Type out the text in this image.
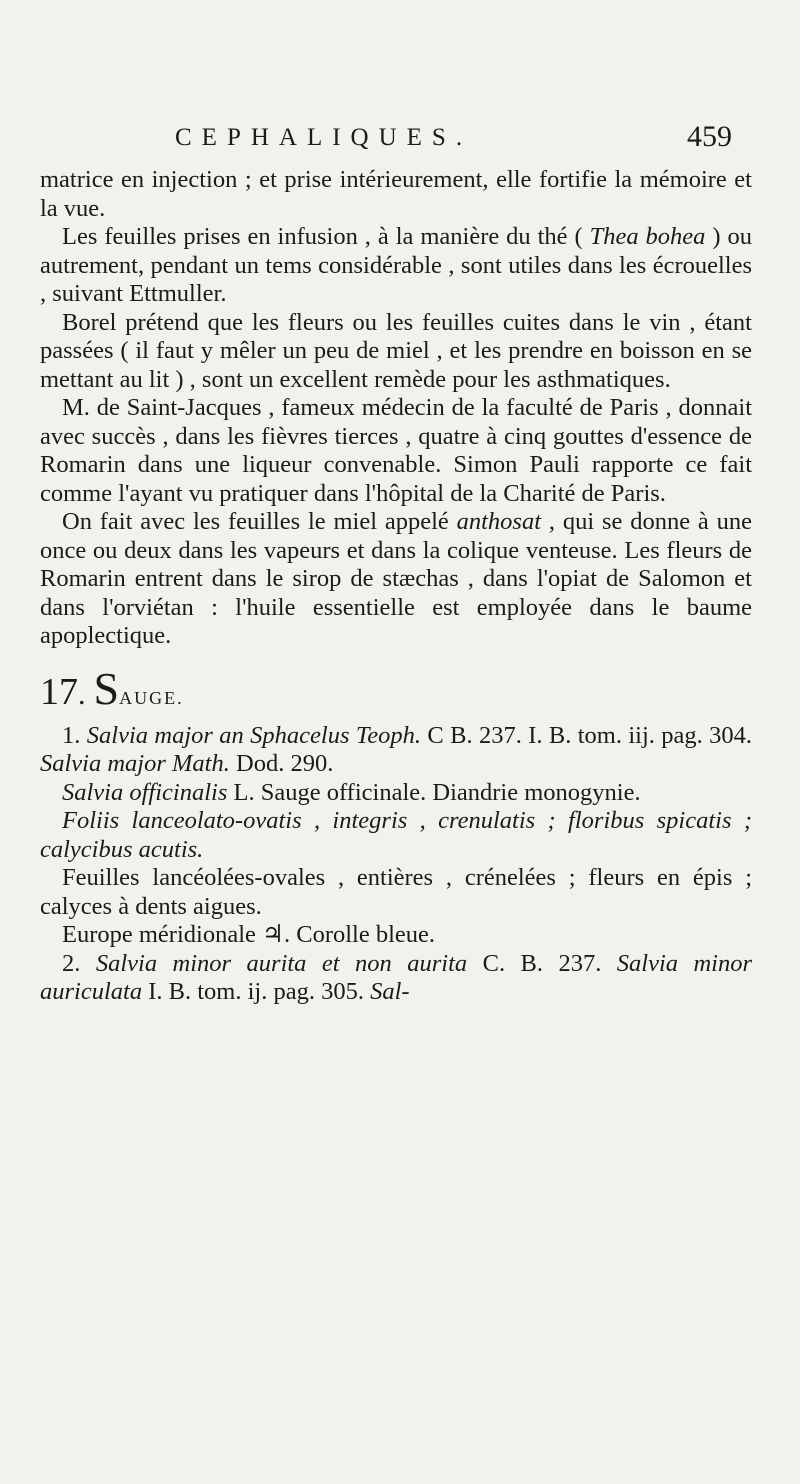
CEPHALIQUES.	459

matrice en injection ; et prise intérieurement, elle fortifie la mémoire et la vue.

Les feuilles prises en infusion , à la manière du thé ( Thea bohea ) ou autrement, pendant un tems considérable , sont utiles dans les écrouelles , suivant Ettmuller.

Borel prétend que les fleurs ou les feuilles cuites dans le vin , étant passées ( il faut y mêler un peu de miel , et les prendre en boisson en se mettant au lit ) , sont un excellent remède pour les asthmatiques.

M. de Saint-Jacques , fameux médecin de la faculté de Paris , donnait avec succès , dans les fièvres tierces , quatre à cinq gouttes d'essence de Romarin dans une liqueur convenable. Simon Pauli rapporte ce fait comme l'ayant vu pratiquer dans l'hôpital de la Charité de Paris.

On fait avec les feuilles le miel appelé anthosat , qui se donne à une once ou deux dans les vapeurs et dans la colique venteuse. Les fleurs de Romarin entrent dans le sirop de stæchas , dans l'opiat de Salomon et dans l'orviétan : l'huile essentielle est employée dans le baume apoplectique.

17. SAUGE.

1. Salvia major an Sphacelus Teoph. C B. 237. I. B. tom. iij. pag. 304. Salvia major Math. Dod. 290.

Salvia officinalis L. Sauge officinale. Diandrie monogynie.

Foliis lanceolato-ovatis , integris , crenulatis ; floribus spicatis ; calycibus acutis.

Feuilles lancéolées-ovales , entières , crénelées ; fleurs en épis ; calyces à dents aigues.

Europe méridionale ♃. Corolle bleue.

2. Salvia minor aurita et non aurita C. B. 237. Salvia minor auriculata I. B. tom. ij. pag. 305. Sal-
